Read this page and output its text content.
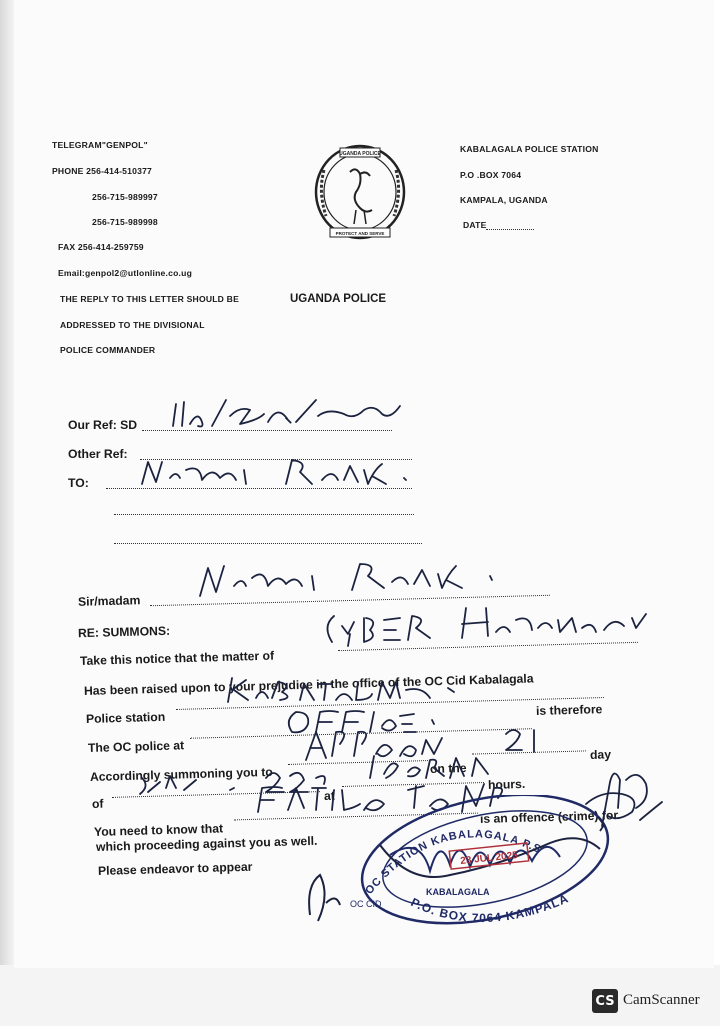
TELEGRAM"GENPOL"
PHONE 256-414-510377
256-715-989997
256-715-989998
FAX 256-414-259759
Email:genpol2@utlonline.co.ug
THE REPLY TO THIS LETTER SHOULD BE
ADDRESSED TO THE DIVISIONAL
POLICE COMMANDER
UGANDA POLICE
PROTECT AND SERVE
KABALAGALA POLICE STATION
P.O .BOX 7064
KAMPALA, UGANDA
DATE
UGANDA POLICE
Our Ref: SD
Other Ref:
TO:
Sir/madam
RE: SUMMONS:
Take this notice that the matter of
Has been raised upon to your prejudice in the office of the OC Cid Kabalagala
Police station
The OC police at
is therefore
Accordingly summoning you to	on the
day
of
at
hours.
You need to know that
is an offence (crime) for
which proceeding against you as well.
Please endeavor to appear
OC STATION KABALAGALA P.S
P.O. BOX 7064 KAMPALA
23 JUL 2025
KABALAGALA
OC CID
CS CamScanner
